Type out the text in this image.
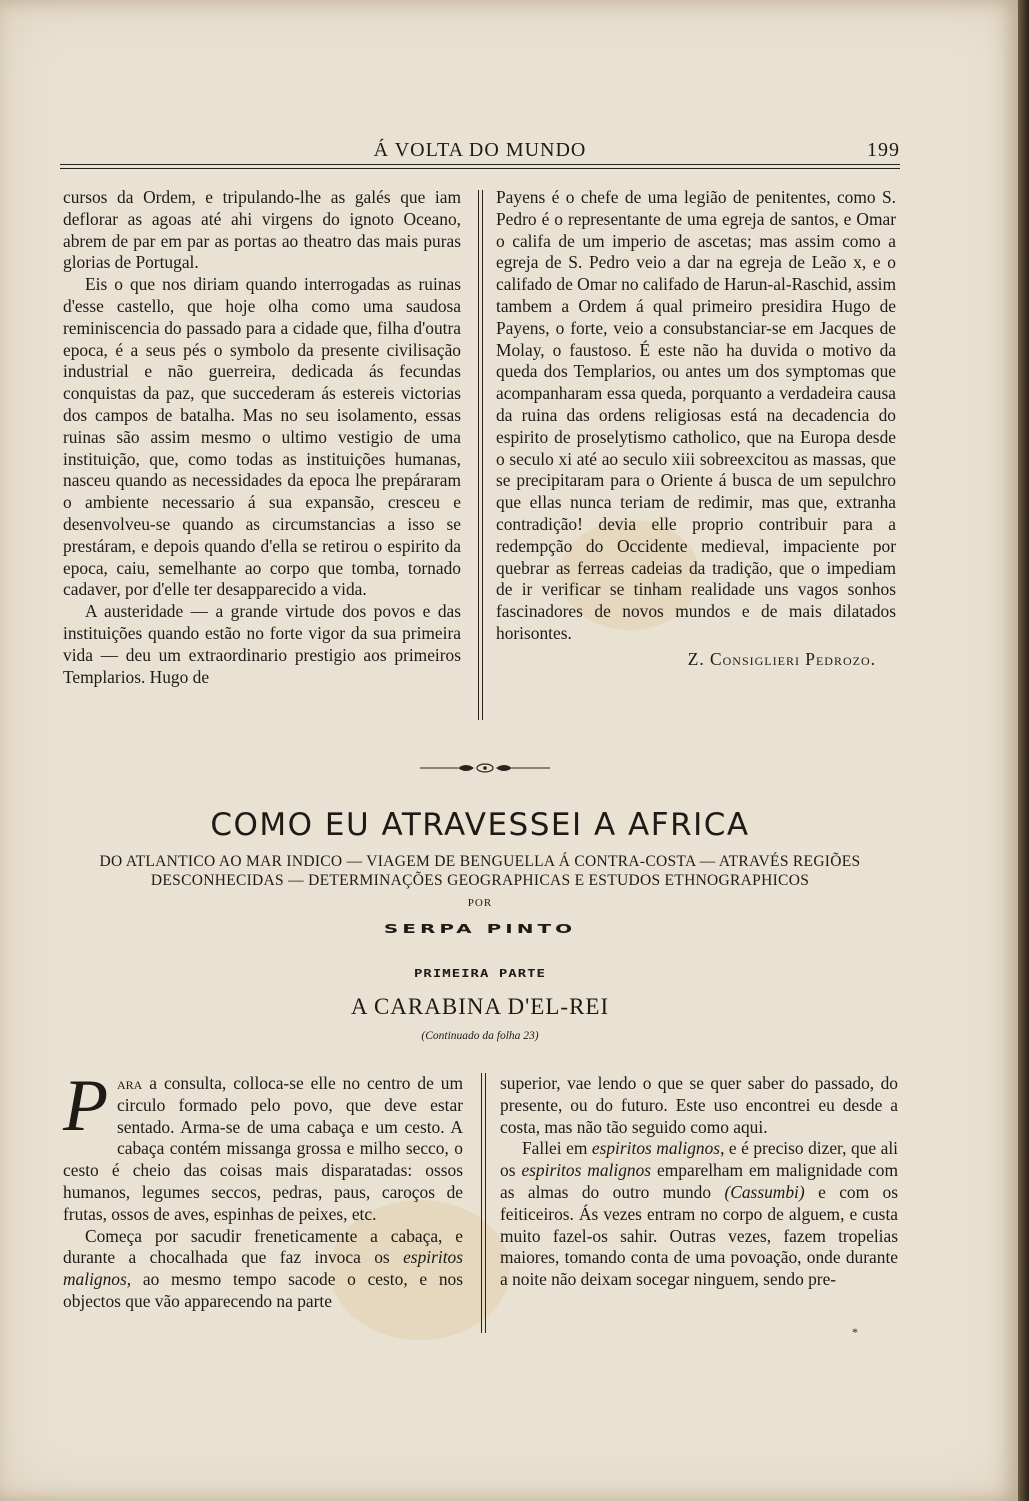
Á VOLTA DO MUNDO	199

cursos da Ordem, e tripulando-lhe as galés que iam deflorar as agoas até ahi virgens do ignoto Oceano, abrem de par em par as portas ao theatro das mais puras glorias de Portugal.

Eis o que nos diriam quando interrogadas as ruinas d'esse castello, que hoje olha como uma saudosa reminiscencia do passado para a cidade que, filha d'outra epoca, é a seus pés o symbolo da presente civilisação industrial e não guerreira, dedicada ás fecundas conquistas da paz, que succederam ás estereis victorias dos campos de batalha. Mas no seu isolamento, essas ruinas são assim mesmo o ultimo vestigio de uma instituição, que, como todas as instituições humanas, nasceu quando as necessidades da epoca lhe prepáraram o ambiente necessario á sua expansão, cresceu e desenvolveu-se quando as circumstancias a isso se prestáram, e depois quando d'ella se retirou o espirito da epoca, caiu, semelhante ao corpo que tomba, tornado cadaver, por d'elle ter desapparecido a vida.

A austeridade — a grande virtude dos povos e das instituições quando estão no forte vigor da sua primeira vida — deu um extraordinario prestigio aos primeiros Templarios. Hugo de

Payens é o chefe de uma legião de penitentes, como S. Pedro é o representante de uma egreja de santos, e Omar o califa de um imperio de ascetas; mas assim como a egreja de S. Pedro veio a dar na egreja de Leão x, e o califado de Omar no califado de Harun-al-Raschid, assim tambem a Ordem á qual primeiro presidira Hugo de Payens, o forte, veio a consubstanciar-se em Jacques de Molay, o faustoso. É este não ha duvida o motivo da queda dos Templarios, ou antes um dos symptomas que acompanharam essa queda, porquanto a verdadeira causa da ruina das ordens religiosas está na decadencia do espirito de proselytismo catholico, que na Europa desde o seculo xi até ao seculo xiii sobreexcitou as massas, que se precipitaram para o Oriente á busca de um sepulchro que ellas nunca teriam de redimir, mas que, extranha contradição! devia elle proprio contribuir para a redempção do Occidente medieval, impaciente por quebrar as ferreas cadeias da tradição, que o impediam de ir verificar se tinham realidade uns vagos sonhos fascinadores de novos mundos e de mais dilatados horisontes.

Z. Consiglieri Pedrozo.
COMO EU ATRAVESSEI A AFRICA
DO ATLANTICO AO MAR INDICO — VIAGEM DE BENGUELLA Á CONTRA-COSTA — ATRAVÉS REGIÕES
DESCONHECIDAS — DETERMINAÇÕES GEOGRAPHICAS E ESTUDOS ETHNOGRAPHICOS
POR
SERPA PINTO
PRIMEIRA PARTE
A CARABINA D'EL-REI
(Continuado da folha 23)

Para a consulta, colloca-se elle no centro de um circulo formado pelo povo, que deve estar sentado. Arma-se de uma cabaça e um cesto. A cabaça contém missanga grossa e milho secco, o cesto é cheio das coisas mais disparatadas: ossos humanos, legumes seccos, pedras, paus, caroços de frutas, ossos de aves, espinhas de peixes, etc.

Começa por sacudir freneticamente a cabaça, e durante a chocalhada que faz invoca os espiritos malignos, ao mesmo tempo sacode o cesto, e nos objectos que vão apparecendo na parte

superior, vae lendo o que se quer saber do passado, do presente, ou do futuro. Este uso encontrei eu desde a costa, mas não tão seguido como aqui.

Fallei em espiritos malignos, e é preciso dizer, que ali os espiritos malignos emparelham em malignidade com as almas do outro mundo (Cassumbi) e com os feiticeiros. Ás vezes entram no corpo de alguem, e custa muito fazel-os sahir. Outras vezes, fazem tropelias maiores, tomando conta de uma povoação, onde durante a noite não deixam socegar ninguem, sendo pre-

*
